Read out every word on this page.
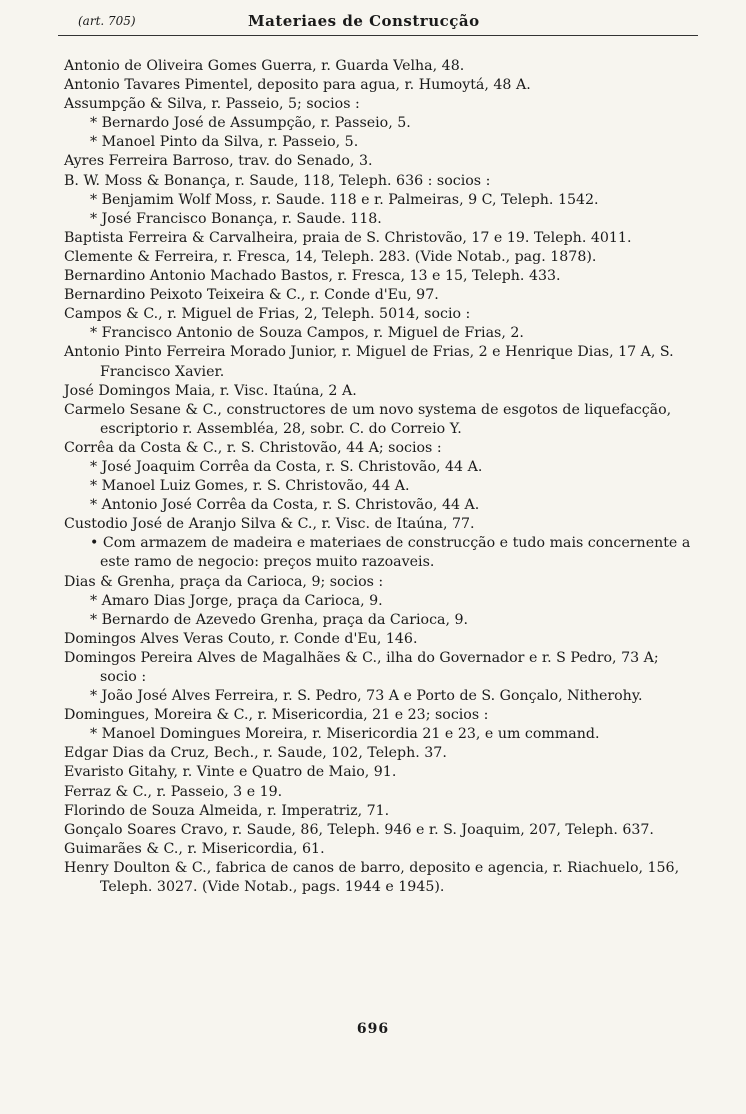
(art. 705)	Materiaes de Construcção
Antonio de Oliveira Gomes Guerra, r. Guarda Velha, 48.
Antonio Tavares Pimentel, deposito para agua, r. Humoytá, 48 A.
Assumpção & Silva, r. Passeio, 5; socios :
* Bernardo José de Assumpção, r. Passeio, 5.
* Manoel Pinto da Silva, r. Passeio, 5.
Ayres Ferreira Barroso, trav. do Senado, 3.
B. W. Moss & Bonança, r. Saude, 118, Teleph. 636 : socios :
* Benjamim Wolf Moss, r. Saude. 118 e r. Palmeiras, 9 C, Teleph. 1542.
* José Francisco Bonança, r. Saude. 118.
Baptista Ferreira & Carvalheira, praia de S. Christovão, 17 e 19. Teleph. 4011.
Clemente & Ferreira, r. Fresca, 14, Teleph. 283. (Vide Notab., pag. 1878).
Bernardino Antonio Machado Bastos, r. Fresca, 13 e 15, Teleph. 433.
Bernardino Peixoto Teixeira & C., r. Conde d'Eu, 97.
Campos & C., r. Miguel de Frias, 2, Teleph. 5014, socio :
* Francisco Antonio de Souza Campos, r. Miguel de Frias, 2.
Antonio Pinto Ferreira Morado Junior, r. Miguel de Frias, 2 e Henrique Dias, 17 A, S. Francisco Xavier.
José Domingos Maia, r. Visc. Itaúna, 2 A.
Carmelo Sesane & C., constructores de um novo systema de esgotos de liquefacção, escriptorio r. Assembléa, 28, sobr. C. do Correio Y.
Corrêa da Costa & C., r. S. Christovão, 44 A; socios :
* José Joaquim Corrêa da Costa, r. S. Christovão, 44 A.
* Manoel Luiz Gomes, r. S. Christovão, 44 A.
* Antonio José Corrêa da Costa, r. S. Christovão, 44 A.
Custodio José de Aranjo Silva & C., r. Visc. de Itaúna, 77.
• Com armazem de madeira e materiaes de construcção e tudo mais concernente a este ramo de negocio: preços muito razoaveis.
Dias & Grenha, praça da Carioca, 9; socios :
* Amaro Dias Jorge, praça da Carioca, 9.
* Bernardo de Azevedo Grenha, praça da Carioca, 9.
Domingos Alves Veras Couto, r. Conde d'Eu, 146.
Domingos Pereira Alves de Magalhães & C., ilha do Governador e r. S Pedro, 73 A; socio :
* João José Alves Ferreira, r. S. Pedro, 73 A e Porto de S. Gonçalo, Nitherohy.
Domingues, Moreira & C., r. Misericordia, 21 e 23; socios :
* Manoel Domingues Moreira, r. Misericordia 21 e 23, e um command.
Edgar Dias da Cruz, Bech., r. Saude, 102, Teleph. 37.
Evaristo Gitahy, r. Vinte e Quatro de Maio, 91.
Ferraz & C., r. Passeio, 3 e 19.
Florindo de Souza Almeida, r. Imperatriz, 71.
Gonçalo Soares Cravo, r. Saude, 86, Teleph. 946 e r. S. Joaquim, 207, Teleph. 637.
Guimarães & C., r. Misericordia, 61.
Henry Doulton & C., fabrica de canos de barro, deposito e agencia, r. Riachuelo, 156, Teleph. 3027. (Vide Notab., pags. 1944 e 1945).
696
